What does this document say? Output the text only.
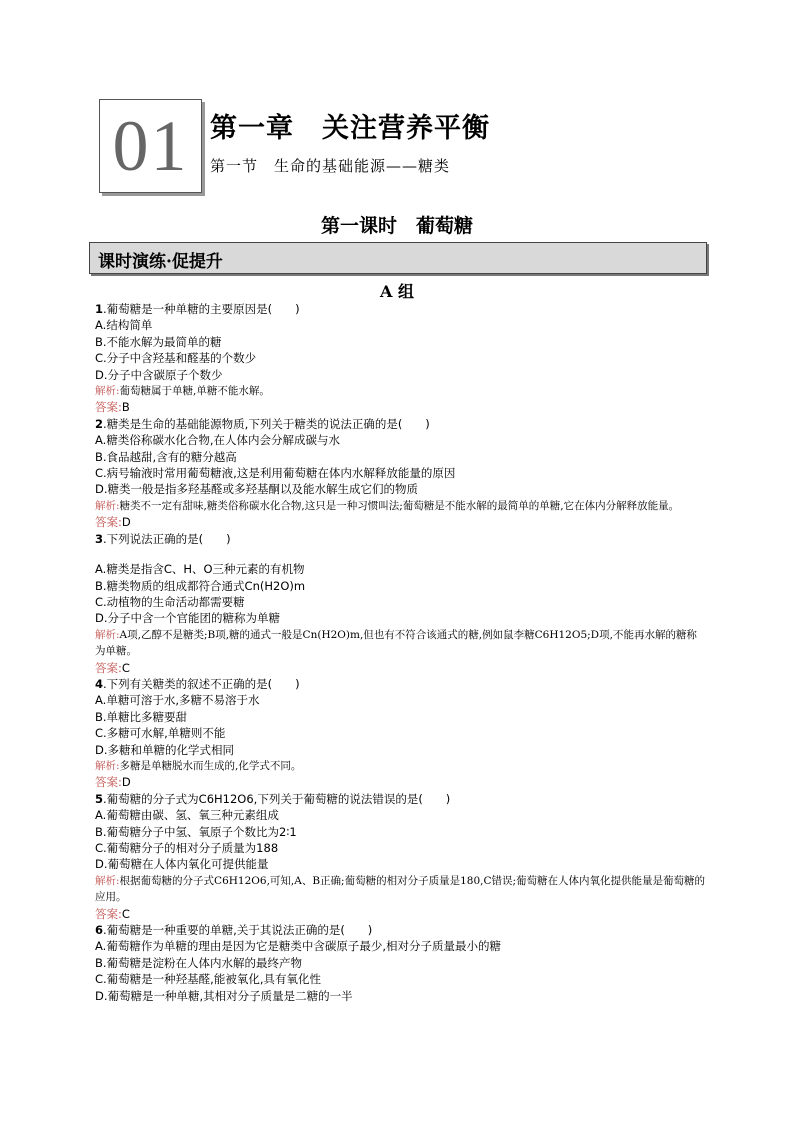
01 第一章　关注营养平衡
第一节　生命的基础能源——糖类
第一课时　葡萄糖
课时演练·促提升
A 组
1.葡萄糖是一种单糖的主要原因是(　　)
A.结构简单
B.不能水解为最简单的糖
C.分子中含羟基和醛基的个数少
D.分子中含碳原子个数少
解析:葡萄糖属于单糖,单糖不能水解。
答案:B
2.糖类是生命的基础能源物质,下列关于糖类的说法正确的是(　　)
A.糖类俗称碳水化合物,在人体内会分解成碳与水
B.食品越甜,含有的糖分越高
C.病号输液时常用葡萄糖液,这是利用葡萄糖在体内水解释放能量的原因
D.糖类一般是指多羟基醛或多羟基酮以及能水解生成它们的物质
解析:糖类不一定有甜味,糖类俗称碳水化合物,这只是一种习惯叫法;葡萄糖是不能水解的最简单的单糖,它在体内分解释放能量。
答案:D
3.下列说法正确的是(　　)
A.糖类是指含C、H、O三种元素的有机物
B.糖类物质的组成都符合通式Cn(H2O)m
C.动植物的生命活动都需要糖
D.分子中含一个官能团的糖称为单糖
解析:A项,乙醇不是糖类;B项,糖的通式一般是Cn(H2O)m,但也有不符合该通式的糖,例如鼠李糖C6H12O5;D项,不能再水解的糖称为单糖。
答案:C
4.下列有关糖类的叙述不正确的是(　　)
A.单糖可溶于水,多糖不易溶于水
B.单糖比多糖要甜
C.多糖可水解,单糖则不能
D.多糖和单糖的化学式相同
解析:多糖是单糖脱水而生成的,化学式不同。
答案:D
5.葡萄糖的分子式为C6H12O6,下列关于葡萄糖的说法错误的是(　　)
A.葡萄糖由碳、氢、氧三种元素组成
B.葡萄糖分子中氢、氧原子个数比为2∶1
C.葡萄糖分子的相对分子质量为188
D.葡萄糖在人体内氧化可提供能量
解析:根据葡萄糖的分子式C6H12O6,可知,A、B正确;葡萄糖的相对分子质量是180,C错误;葡萄糖在人体内氧化提供能量是葡萄糖的应用。
答案:C
6.葡萄糖是一种重要的单糖,关于其说法正确的是(　　)
A.葡萄糖作为单糖的理由是因为它是糖类中含碳原子最少,相对分子质量最小的糖
B.葡萄糖是淀粉在人体内水解的最终产物
C.葡萄糖是一种羟基醛,能被氧化,具有氧化性
D.葡萄糖是一种单糖,其相对分子质量是二糖的一半
